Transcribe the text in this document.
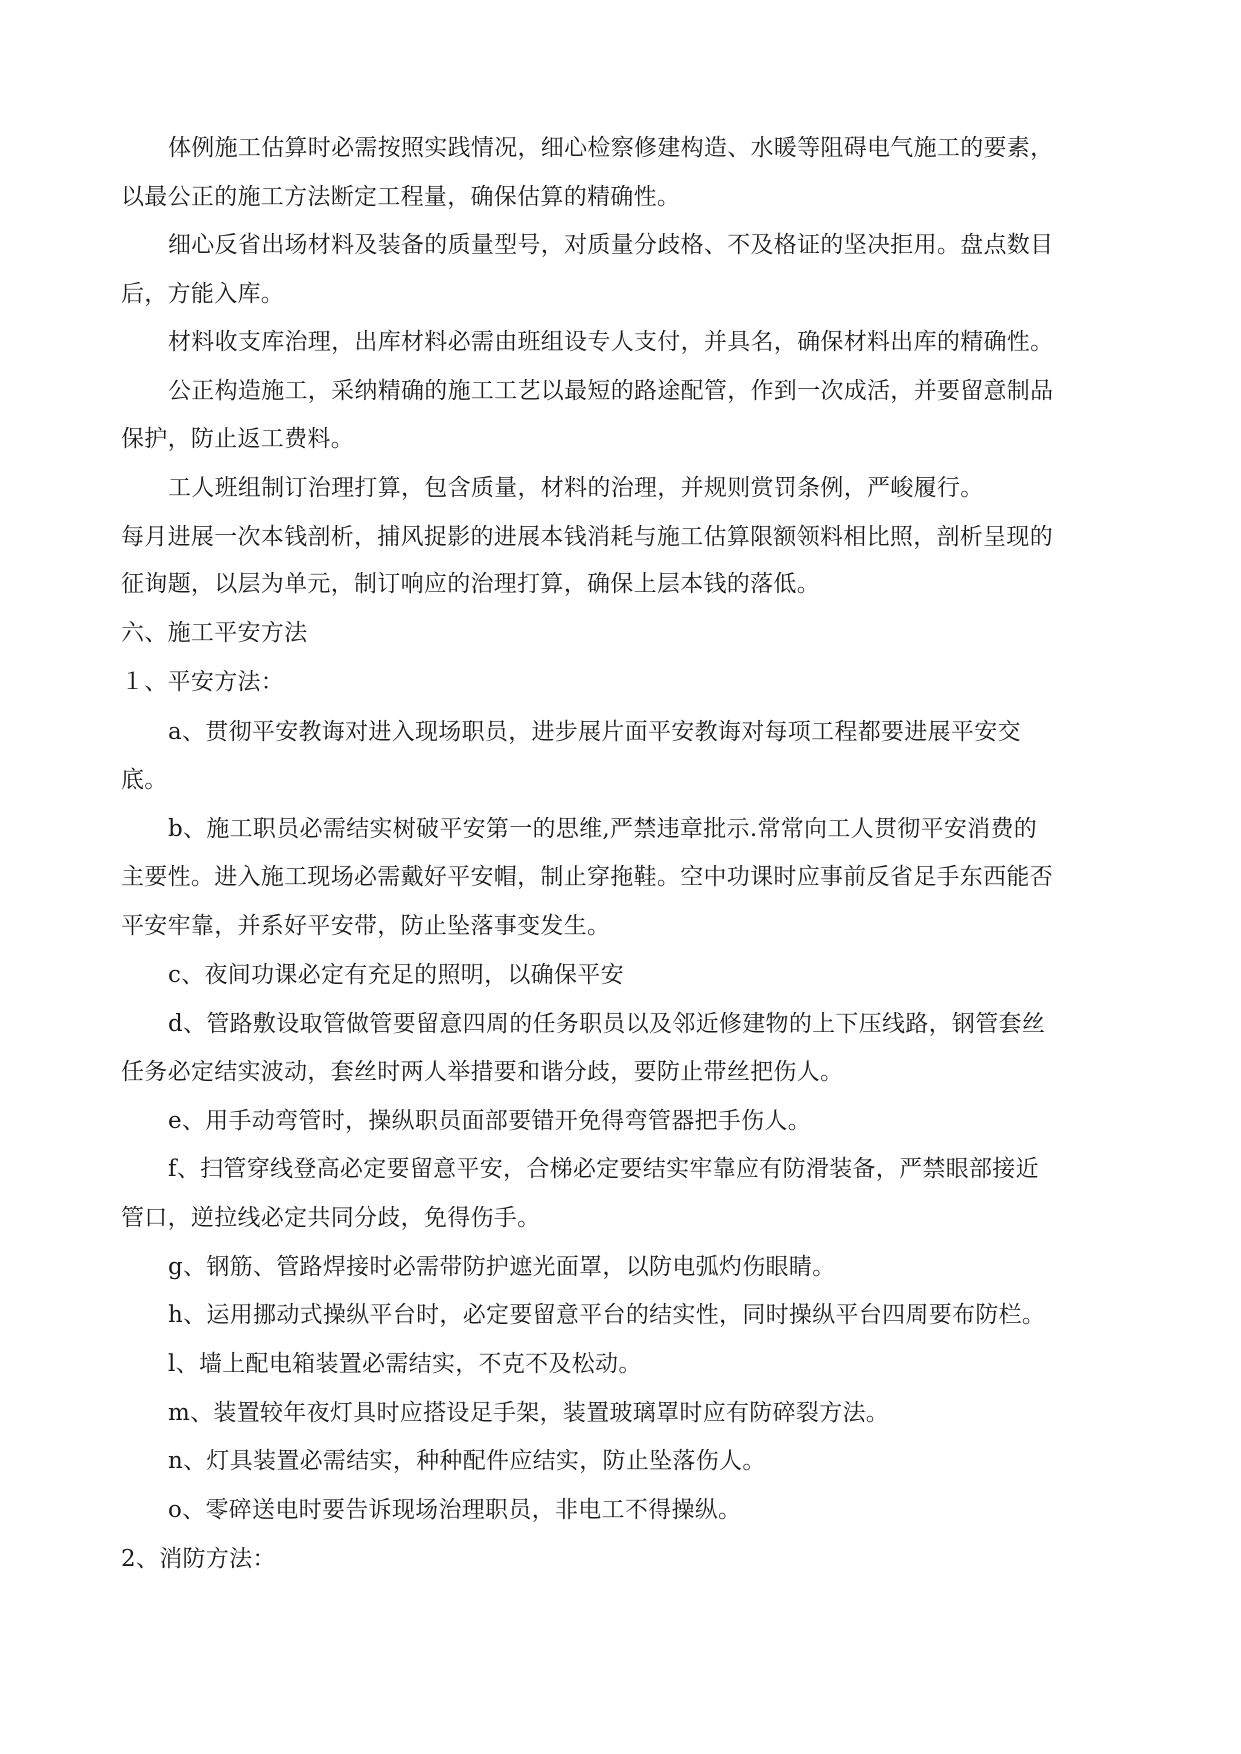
体例施工估算时必需按照实践情况，细心检察修建构造、水暖等阻碍电气施工的要素，
以最公正的施工方法断定工程量，确保估算的精确性。
细心反省出场材料及装备的质量型号，对质量分歧格、不及格证的坚决拒用。盘点数目
后，方能入库。
材料收支库治理，出库材料必需由班组设专人支付，并具名，确保材料出库的精确性。
公正构造施工，采纳精确的施工工艺以最短的路途配管，作到一次成活，并要留意制品
保护，防止返工费料。
工人班组制订治理打算，包含质量，材料的治理，并规则赏罚条例，严峻履行。
每月进展一次本钱剖析，捕风捉影的进展本钱消耗与施工估算限额领料相比照，剖析呈现的
征询题，以层为单元，制订响应的治理打算，确保上层本钱的落低。
六、施工平安方法
１、平安方法：
a、贯彻平安教诲对进入现场职员，进步展片面平安教诲对每项工程都要进展平安交
底。
b、施工职员必需结实树破平安第一的思维,严禁违章批示.常常向工人贯彻平安消费的
主要性。进入施工现场必需戴好平安帽，制止穿拖鞋。空中功课时应事前反省足手东西能否
平安牢靠，并系好平安带，防止坠落事变发生。
c、夜间功课必定有充足的照明，以确保平安
d、管路敷设取管做管要留意四周的任务职员以及邻近修建物的上下压线路，钢管套丝
任务必定结实波动，套丝时两人举措要和谐分歧，要防止带丝把伤人。
e、用手动弯管时，操纵职员面部要错开免得弯管器把手伤人。
f、扫管穿线登高必定要留意平安，合梯必定要结实牢靠应有防滑装备，严禁眼部接近
管口，逆拉线必定共同分歧，免得伤手。
g、钢筋、管路焊接时必需带防护遮光面罩，以防电弧灼伤眼睛。
h、运用挪动式操纵平台时，必定要留意平台的结实性，同时操纵平台四周要布防栏。
l、墙上配电箱装置必需结实，不克不及松动。
m、装置较年夜灯具时应搭设足手架，装置玻璃罩时应有防碎裂方法。
n、灯具装置必需结实，种种配件应结实，防止坠落伤人。
o、零碎送电时要告诉现场治理职员，非电工不得操纵。
2、消防方法：
